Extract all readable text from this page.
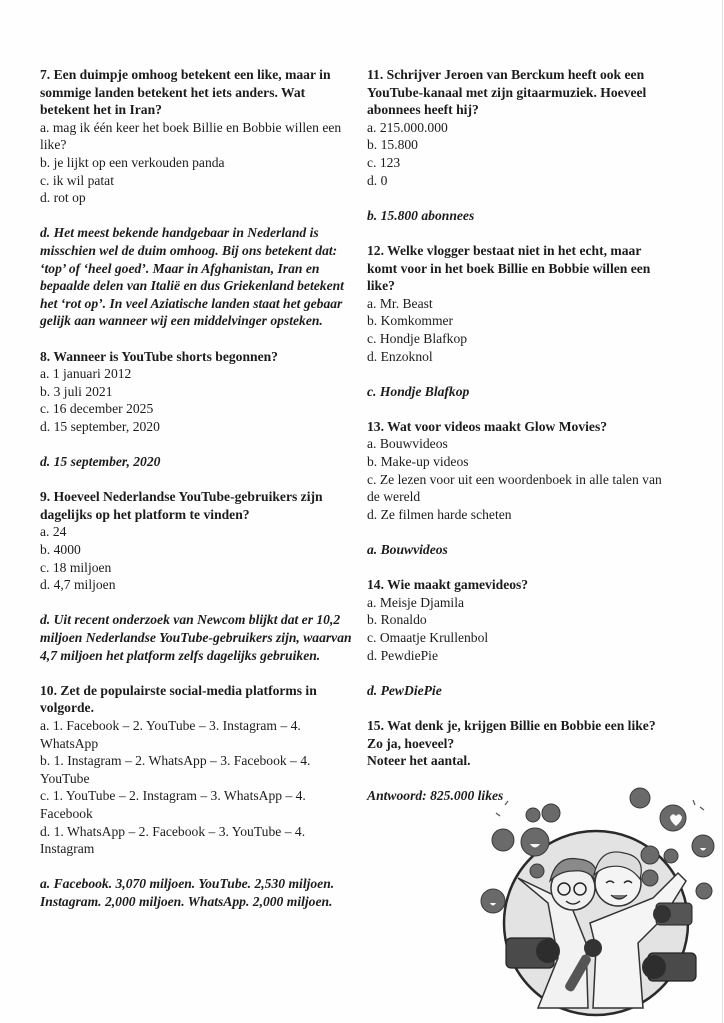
7. Een duimpje omhoog betekent een like, maar in sommige landen betekent het iets anders. Wat betekent het in Iran?
a. mag ik één keer het boek Billie en Bobbie willen een like?
b. je lijkt op een verkouden panda
c. ik wil patat
d. rot op
d. Het meest bekende handgebaar in Nederland is misschien wel de duim omhoog. Bij ons betekent dat: ‘top’ of ‘heel goed’. Maar in Afghanistan, Iran en bepaalde delen van Italië en dus Griekenland betekent het ‘rot op’. In veel Aziatische landen staat het gebaar gelijk aan wanneer wij een middelvinger opsteken.
8. Wanneer is YouTube shorts begonnen?
a. 1 januari 2012
b. 3 juli 2021
c. 16 december 2025
d. 15 september, 2020
d. 15 september, 2020
9. Hoeveel Nederlandse YouTube-gebruikers zijn dagelijks op het platform te vinden?
a. 24
b. 4000
c. 18 miljoen
d. 4,7 miljoen
d. Uit recent onderzoek van Newcom blijkt dat er 10,2 miljoen Nederlandse YouTube-gebruikers zijn, waarvan 4,7 miljoen het platform zelfs dagelijks gebruiken.
10. Zet de populairste social-media platforms in volgorde.
a. 1. Facebook – 2. YouTube – 3. Instagram – 4. WhatsApp
b. 1. Instagram – 2. WhatsApp – 3. Facebook – 4. YouTube
c. 1. YouTube – 2. Instagram – 3. WhatsApp – 4. Facebook
d. 1. WhatsApp – 2. Facebook – 3. YouTube – 4. Instagram
a. Facebook. 3,070 miljoen. YouTube. 2,530 miljoen. Instagram. 2,000 miljoen. WhatsApp. 2,000 miljoen.
11. Schrijver Jeroen van Berckum heeft ook een YouTube-kanaal met zijn gitaarmuziek. Hoeveel abonnees heeft hij?
a. 215.000.000
b. 15.800
c. 123
d. 0
b. 15.800 abonnees
12. Welke vlogger bestaat niet in het echt, maar komt voor in het boek Billie en Bobbie willen een like?
a. Mr. Beast
b. Komkommer
c. Hondje Blafkop
d. Enzoknol
c. Hondje Blafkop
13. Wat voor videos maakt Glow Movies?
a. Bouwvideos
b. Make-up videos
c. Ze lezen voor uit een woordenboek in alle talen van de wereld
d. Ze filmen harde scheten
a. Bouwvideos
14. Wie maakt gamevideos?
a. Meisje Djamila
b. Ronaldo
c. Omaatje Krullenbol
d. PewdiePie
d. PewDiePie
15. Wat denk je, krijgen Billie en Bobbie een like?
Zo ja, hoeveel?
Noteer het aantal.
Antwoord: 825.000 likes
